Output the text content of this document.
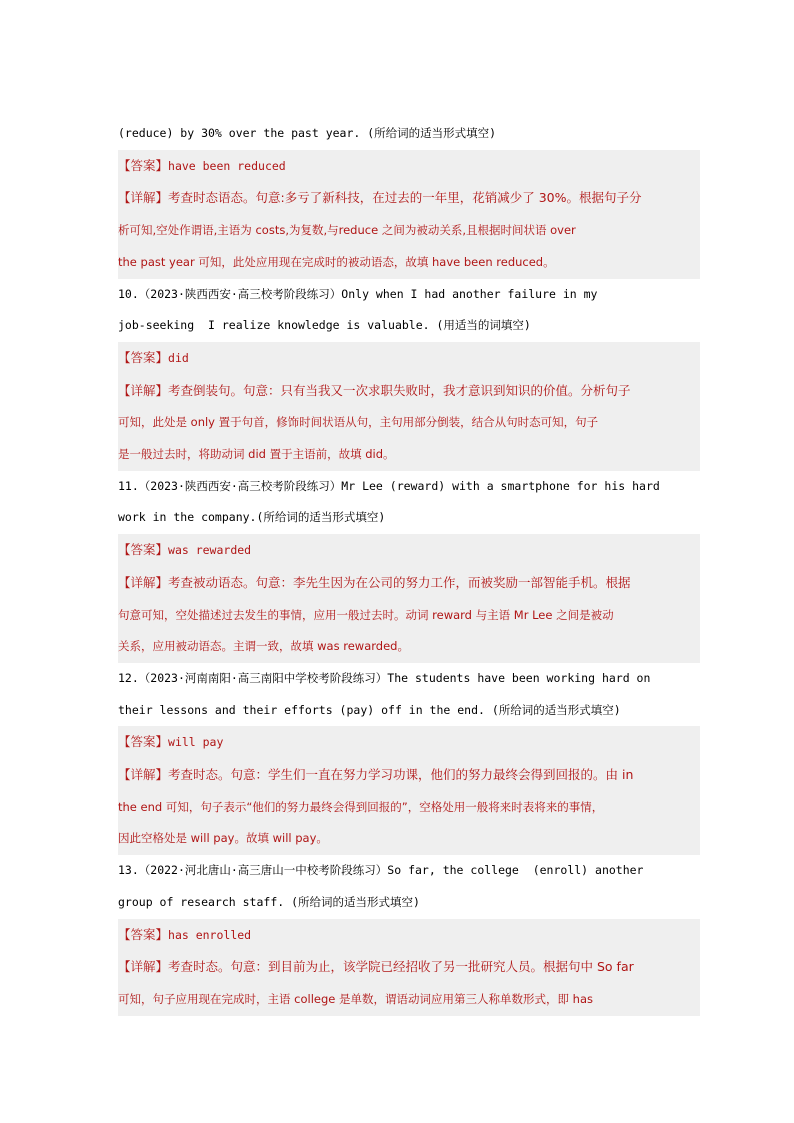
(reduce) by 30% over the past year. (所给词的适当形式填空)
【答案】have been reduced
【详解】考查时态语态。句意:多亏了新科技，在过去的一年里，花销减少了 30%。根据句子分
析可知,空处作谓语,主语为 costs,为复数,与reduce 之间为被动关系,且根据时间状语 over
the past year 可知，此处应用现在完成时的被动语态，故填 have been reduced。
10.（2023·陕西西安·高三校考阶段练习）Only when I had another failure in my
job-seeking  I realize knowledge is valuable. (用适当的词填空)
【答案】did
【详解】考查倒装句。句意：只有当我又一次求职失败时，我才意识到知识的价值。分析句子
可知，此处是 only 置于句首，修饰时间状语从句，主句用部分倒装，结合从句时态可知，句子
是一般过去时，将助动词 did 置于主语前，故填 did。
11.（2023·陕西西安·高三校考阶段练习）Mr Lee (reward) with a smartphone for his hard
work in the company.(所给词的适当形式填空)
【答案】was rewarded
【详解】考查被动语态。句意：李先生因为在公司的努力工作，而被奖励一部智能手机。根据
句意可知，空处描述过去发生的事情，应用一般过去时。动词 reward 与主语 Mr Lee 之间是被动
关系，应用被动语态。主谓一致，故填 was rewarded。
12.（2023·河南南阳·高三南阳中学校考阶段练习）The students have been working hard on
their lessons and their efforts (pay) off in the end. (所给词的适当形式填空)
【答案】will pay
【详解】考查时态。句意：学生们一直在努力学习功课，他们的努力最终会得到回报的。由 in
the end 可知，句子表示“他们的努力最终会得到回报的”，空格处用一般将来时表将来的事情，
因此空格处是 will pay。故填 will pay。
13.（2022·河北唐山·高三唐山一中校考阶段练习）So far, the college  (enroll) another
group of research staff. (所给词的适当形式填空)
【答案】has enrolled
【详解】考查时态。句意：到目前为止，该学院已经招收了另一批研究人员。根据句中 So far
可知，句子应用现在完成时，主语 college 是单数，谓语动词应用第三人称单数形式，即 has
